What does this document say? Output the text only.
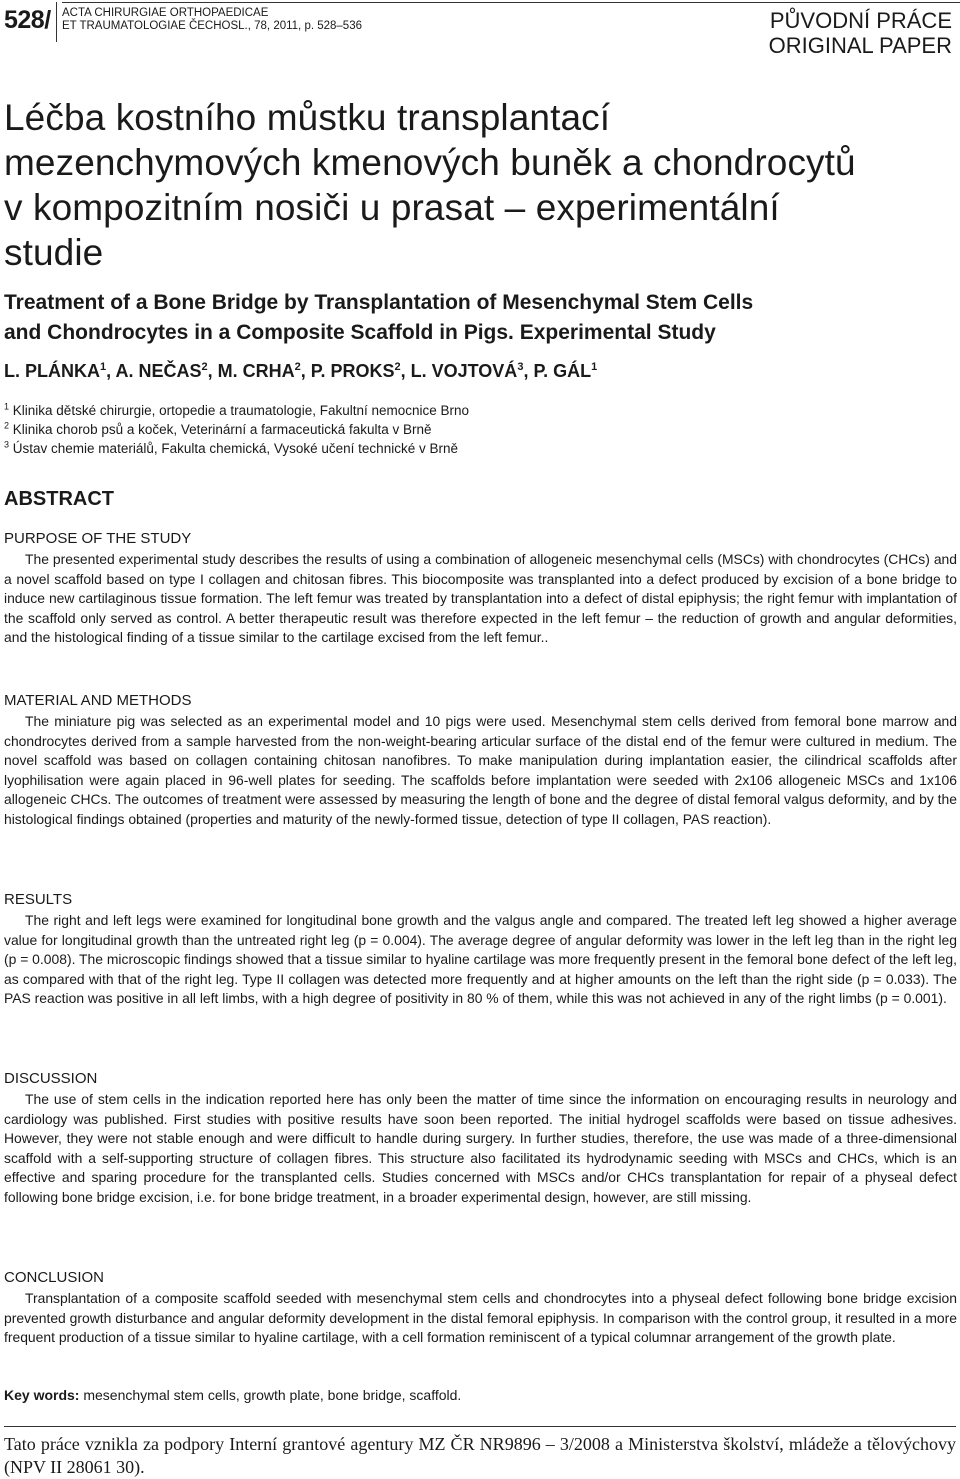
528/ ACTA CHIRURGIAE ORTHOPAEDICAE
ET TRAUMATOLOGIAE ČECHOSL., 78, 2011, p. 528–536	PŮVODNÍ PRÁCE
ORIGINAL PAPER
Léčba kostního můstku transplantací
mezenchymových kmenových buněk a chondrocytů
v kompozitním nosiči u prasat – experimentální
studie
Treatment of a Bone Bridge by Transplantation of Mesenchymal Stem Cells
and Chondrocytes in a Composite Scaffold in Pigs. Experimental Study
L. PLÁNKA$^1$, A. NEČAS$^2$, M. CRHA$^2$, P. PROKS$^2$, L. VOJTOVÁ$^3$, P. GÁL$^1$
$^1$ Klinika dětské chirurgie, ortopedie a traumatologie, Fakultní nemocnice Brno
$^2$ Klinika chorob psů a koček, Veterinární a farmaceutická fakulta v Brně
$^3$ Ústav chemie materiálů, Fakulta chemická, Vysoké učení technické v Brně
ABSTRACT
PURPOSE OF THE STUDY

The presented experimental study describes the results of using a combination of allogeneic mesenchymal cells (MSCs) with chondrocytes (CHCs) and a novel scaffold based on type I collagen and chitosan fibres. This biocomposite was transplanted into a defect produced by excision of a bone bridge to induce new cartilaginous tissue formation. The left femur was treated by transplantation into a defect of distal epiphysis; the right femur with implantation of the scaffold only served as control. A better therapeutic result was therefore expected in the left femur – the reduction of growth and angular deformities, and the histological finding of a tissue similar to the cartilage excised from the left femur..

MATERIAL AND METHODS

The miniature pig was selected as an experimental model and 10 pigs were used. Mesenchymal stem cells derived from femoral bone marrow and chondrocytes derived from a sample harvested from the non-weight-bearing articular surface of the distal end of the femur were cultured in medium. The novel scaffold was based on collagen containing chitosan nanofibres. To make manipulation during implantation easier, the cilindrical scaffolds after lyophilisation were again placed in 96-well plates for seeding. The scaffolds before implantation were seeded with 2x106 allogeneic MSCs and 1x106 allogeneic CHCs. The outcomes of treatment were assessed by measuring the length of bone and the degree of distal femoral valgus deformity, and by the histological findings obtained (properties and maturity of the newly-formed tissue, detection of type II collagen, PAS reaction).

RESULTS

The right and left legs were examined for longitudinal bone growth and the valgus angle and compared. The treated left leg showed a higher average value for longitudinal growth than the untreated right leg (p = 0.004). The average degree of angular deformity was lower in the left leg than in the right leg (p = 0.008). The microscopic findings showed that a tissue similar to hyaline cartilage was more frequently present in the femoral bone defect of the left leg, as compared with that of the right leg. Type II collagen was detected more frequently and at higher amounts on the left than the right side (p = 0.033). The PAS reaction was positive in all left limbs, with a high degree of positivity in 80 % of them, while this was not achieved in any of the right limbs (p = 0.001).

DISCUSSION

The use of stem cells in the indication reported here has only been the matter of time since the information on encouraging results in neurology and cardiology was published. First studies with positive results have soon been reported. The initial hydrogel scaffolds were based on tissue adhesives. However, they were not stable enough and were difficult to handle during surgery. In further studies, therefore, the use was made of a three-dimensional scaffold with a self-supporting structure of collagen fibres. This structure also facilitated its hydrodynamic seeding with MSCs and CHCs, which is an effective and sparing procedure for the transplanted cells. Studies concerned with MSCs and/or CHCs transplantation for repair of a physeal defect following bone bridge excision, i.e. for bone bridge treatment, in a broader experimental design, however, are still missing.

CONCLUSION

Transplantation of a composite scaffold seeded with mesenchymal stem cells and chondrocytes into a physeal defect following bone bridge excision prevented growth disturbance and angular deformity development in the distal femoral epiphysis. In comparison with the control group, it resulted in a more frequent production of a tissue similar to hyaline cartilage, with a cell formation reminiscent of a typical columnar arrangement of the growth plate.

Key words: mesenchymal stem cells, growth plate, bone bridge, scaffold.
Tato práce vznikla za podpory Interní grantové agentury MZ ČR NR9896 – 3/2008 a Ministerstva školství, mládeže a tělovýchovy (NPV II 28061 30).
